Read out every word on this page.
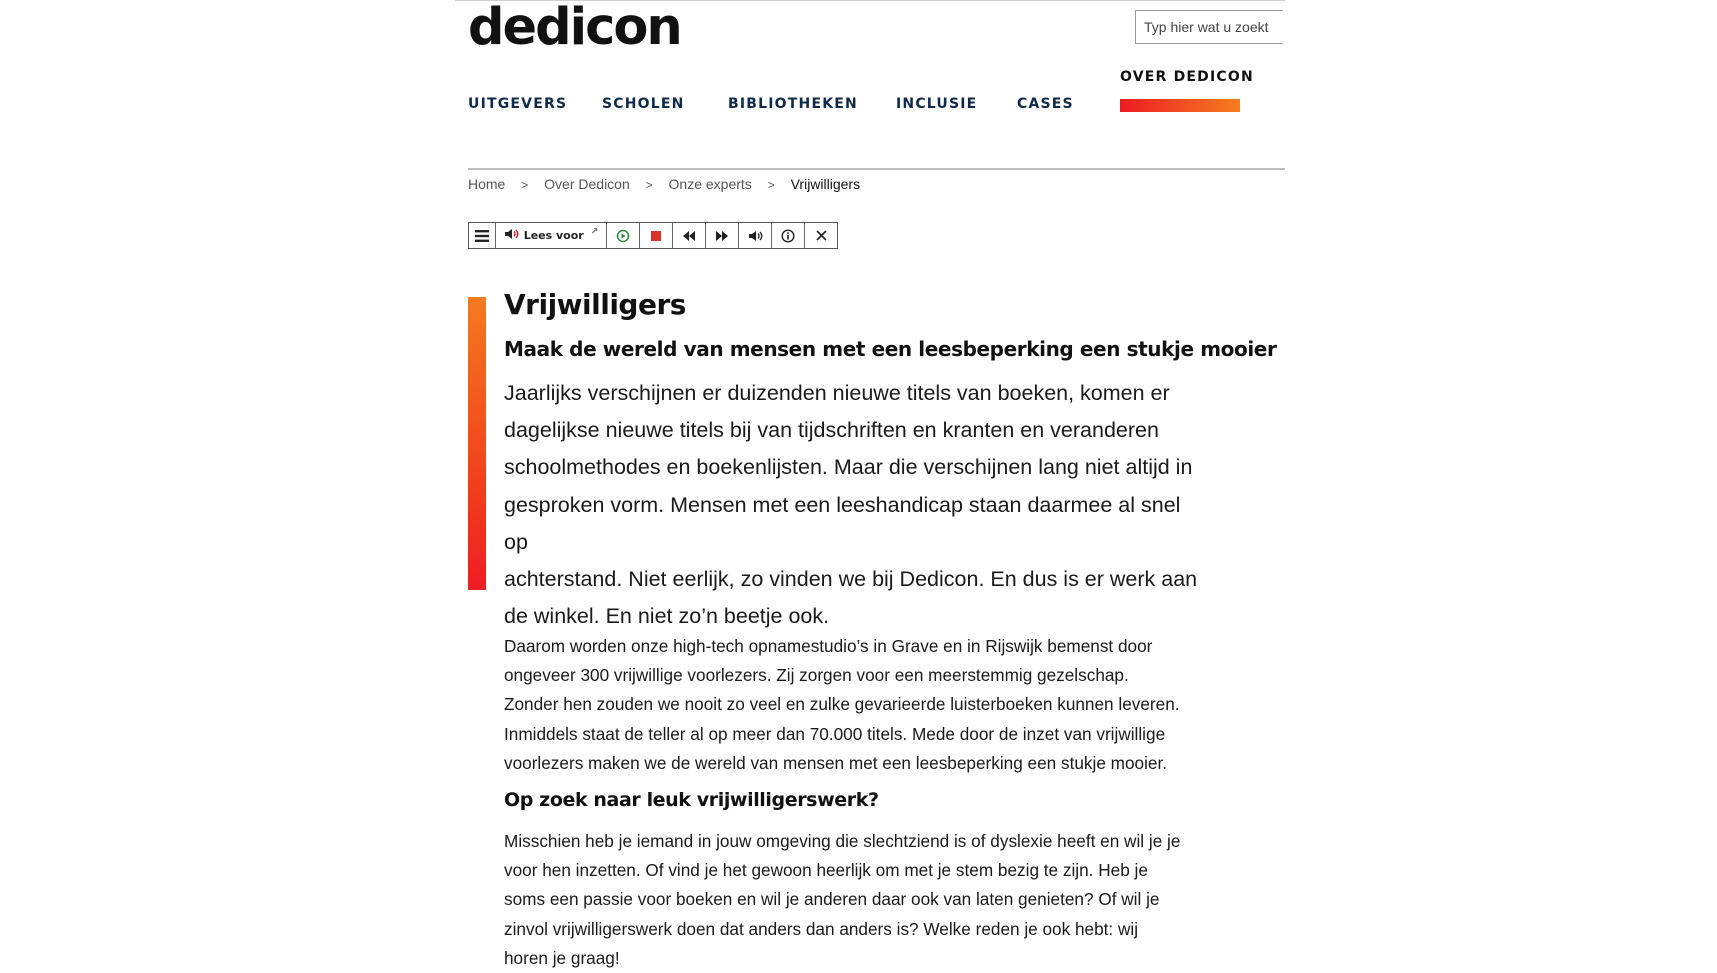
dedicon
Typ hier wat u zoekt
UITGEVERS SCHOLEN	BIBLIOTHEKEN	INCLUSIE	CASES
OVER DEDICON
Home > Over Dedicon > Onze experts > Vrijwilligers
Lees voor ↗
Vrijwilligers
Maak de wereld van mensen met een leesbeperking een stukje mooier

Jaarlijks verschijnen er duizenden nieuwe titels van boeken, komen er
dagelijkse nieuwe titels bij van tijdschriften en kranten en veranderen
schoolmethodes en boekenlijsten. Maar die verschijnen lang niet altijd in
gesproken vorm. Mensen met een leeshandicap staan daarmee al snel op
achterstand. Niet eerlijk, zo vinden we bij Dedicon. En dus is er werk aan
de winkel. En niet zo’n beetje ook.

Daarom worden onze high-tech opnamestudio’s in Grave en in Rijswijk bemenst door
ongeveer 300 vrijwillige voorlezers. Zij zorgen voor een meerstemmig gezelschap.
Zonder hen zouden we nooit zo veel en zulke gevarieerde luisterboeken kunnen leveren.
Inmiddels staat de teller al op meer dan 70.000 titels. Mede door de inzet van vrijwillige
voorlezers maken we de wereld van mensen met een leesbeperking een stukje mooier.

Op zoek naar leuk vrijwilligerswerk?

Misschien heb je iemand in jouw omgeving die slechtziend is of dyslexie heeft en wil je je
voor hen inzetten. Of vind je het gewoon heerlijk om met je stem bezig te zijn. Heb je
soms een passie voor boeken en wil je anderen daar ook van laten genieten? Of wil je
zinvol vrijwilligerswerk doen dat anders dan anders is? Welke reden je ook hebt: wij
horen je graag!
